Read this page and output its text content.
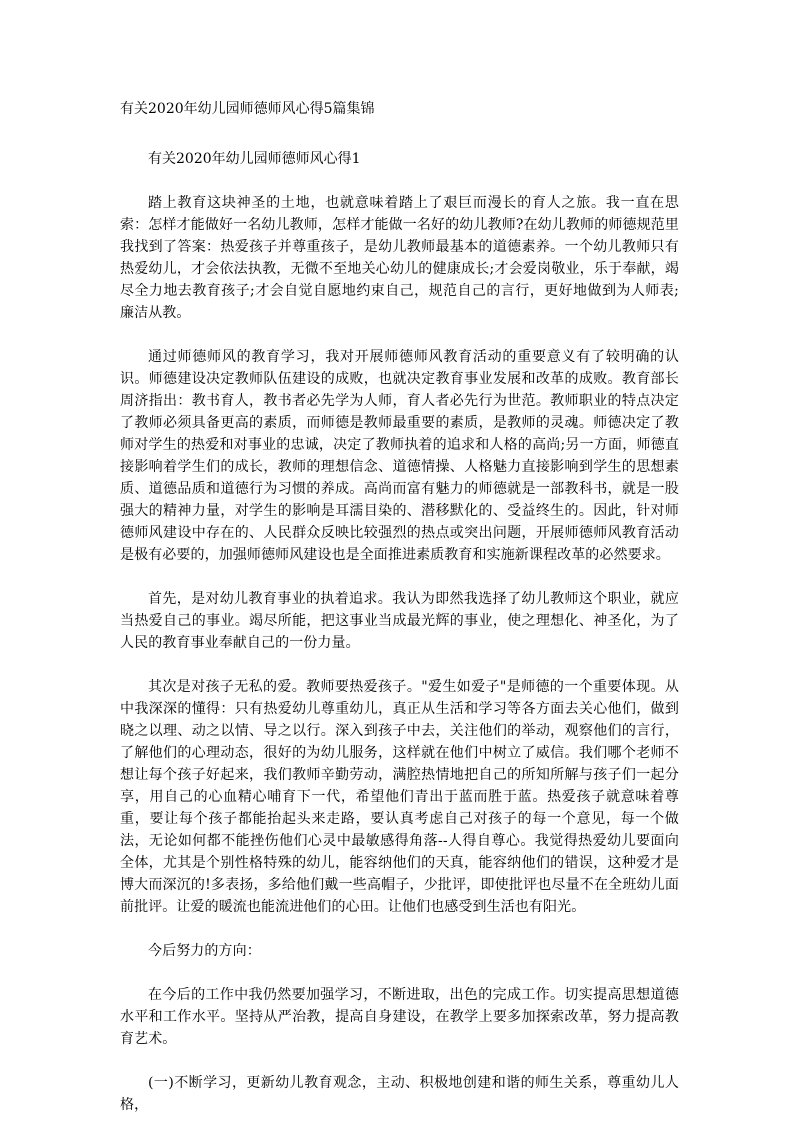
有关2020年幼儿园师德师风心得5篇集锦
有关2020年幼儿园师德师风心得1

踏上教育这块神圣的土地，也就意味着踏上了艰巨而漫长的育人之旅。我一直在思索：怎样才能做好一名幼儿教师，怎样才能做一名好的幼儿教师?在幼儿教师的师德规范里我找到了答案：热爱孩子并尊重孩子，是幼儿教师最基本的道德素养。一个幼儿教师只有热爱幼儿，才会依法执教，无微不至地关心幼儿的健康成长;才会爱岗敬业，乐于奉献，竭尽全力地去教育孩子;才会自觉自愿地约束自己，规范自己的言行，更好地做到为人师表;廉洁从教。

通过师德师风的教育学习，我对开展师德师风教育活动的重要意义有了较明确的认识。师德建设决定教师队伍建设的成败，也就决定教育事业发展和改革的成败。教育部长周济指出：教书育人，教书者必先学为人师，育人者必先行为世范。教师职业的特点决定了教师必须具备更高的素质，而师德是教师最重要的素质，是教师的灵魂。师德决定了教师对学生的热爱和对事业的忠诚，决定了教师执着的追求和人格的高尚;另一方面，师德直接影响着学生们的成长，教师的理想信念、道德情操、人格魅力直接影响到学生的思想素质、道德品质和道德行为习惯的养成。高尚而富有魅力的师德就是一部教科书，就是一股强大的精神力量，对学生的影响是耳濡目染的、潜移默化的、受益终生的。因此，针对师德师风建设中存在的、人民群众反映比较强烈的热点或突出问题，开展师德师风教育活动是极有必要的，加强师德师风建设也是全面推进素质教育和实施新课程改革的必然要求。

首先，是对幼儿教育事业的执着追求。我认为即然我选择了幼儿教师这个职业，就应当热爱自己的事业。竭尽所能，把这事业当成最光辉的事业，使之理想化、神圣化，为了人民的教育事业奉献自己的一份力量。

其次是对孩子无私的爱。教师要热爱孩子。"爱生如爱子"是师德的一个重要体现。从中我深深的懂得：只有热爱幼儿尊重幼儿，真正从生活和学习等各方面去关心他们，做到晓之以理、动之以情、导之以行。深入到孩子中去，关注他们的举动，观察他们的言行，了解他们的心理动态，很好的为幼儿服务，这样就在他们中树立了威信。我们哪个老师不想让每个孩子好起来，我们教师辛勤劳动，满腔热情地把自己的所知所解与孩子们一起分享，用自己的心血精心哺育下一代，希望他们青出于蓝而胜于蓝。热爱孩子就意味着尊重，要让每个孩子都能抬起头来走路，要认真考虑自己对孩子的每一个意见，每一个做法，无论如何都不能挫伤他们心灵中最敏感得角落--人得自尊心。我觉得热爱幼儿要面向全体，尤其是个别性格特殊的幼儿，能容纳他们的天真，能容纳他们的错误，这种爱才是博大而深沉的!多表扬，多给他们戴一些高帽子，少批评，即使批评也尽量不在全班幼儿面前批评。让爱的暖流也能流进他们的心田。让他们也感受到生活也有阳光。

今后努力的方向：

在今后的工作中我仍然要加强学习，不断进取，出色的完成工作。切实提高思想道德水平和工作水平。坚持从严治教，提高自身建设，在教学上要多加探索改革，努力提高教育艺术。

(一)不断学习，更新幼儿教育观念，主动、积极地创建和谐的师生关系，尊重幼儿人格，
